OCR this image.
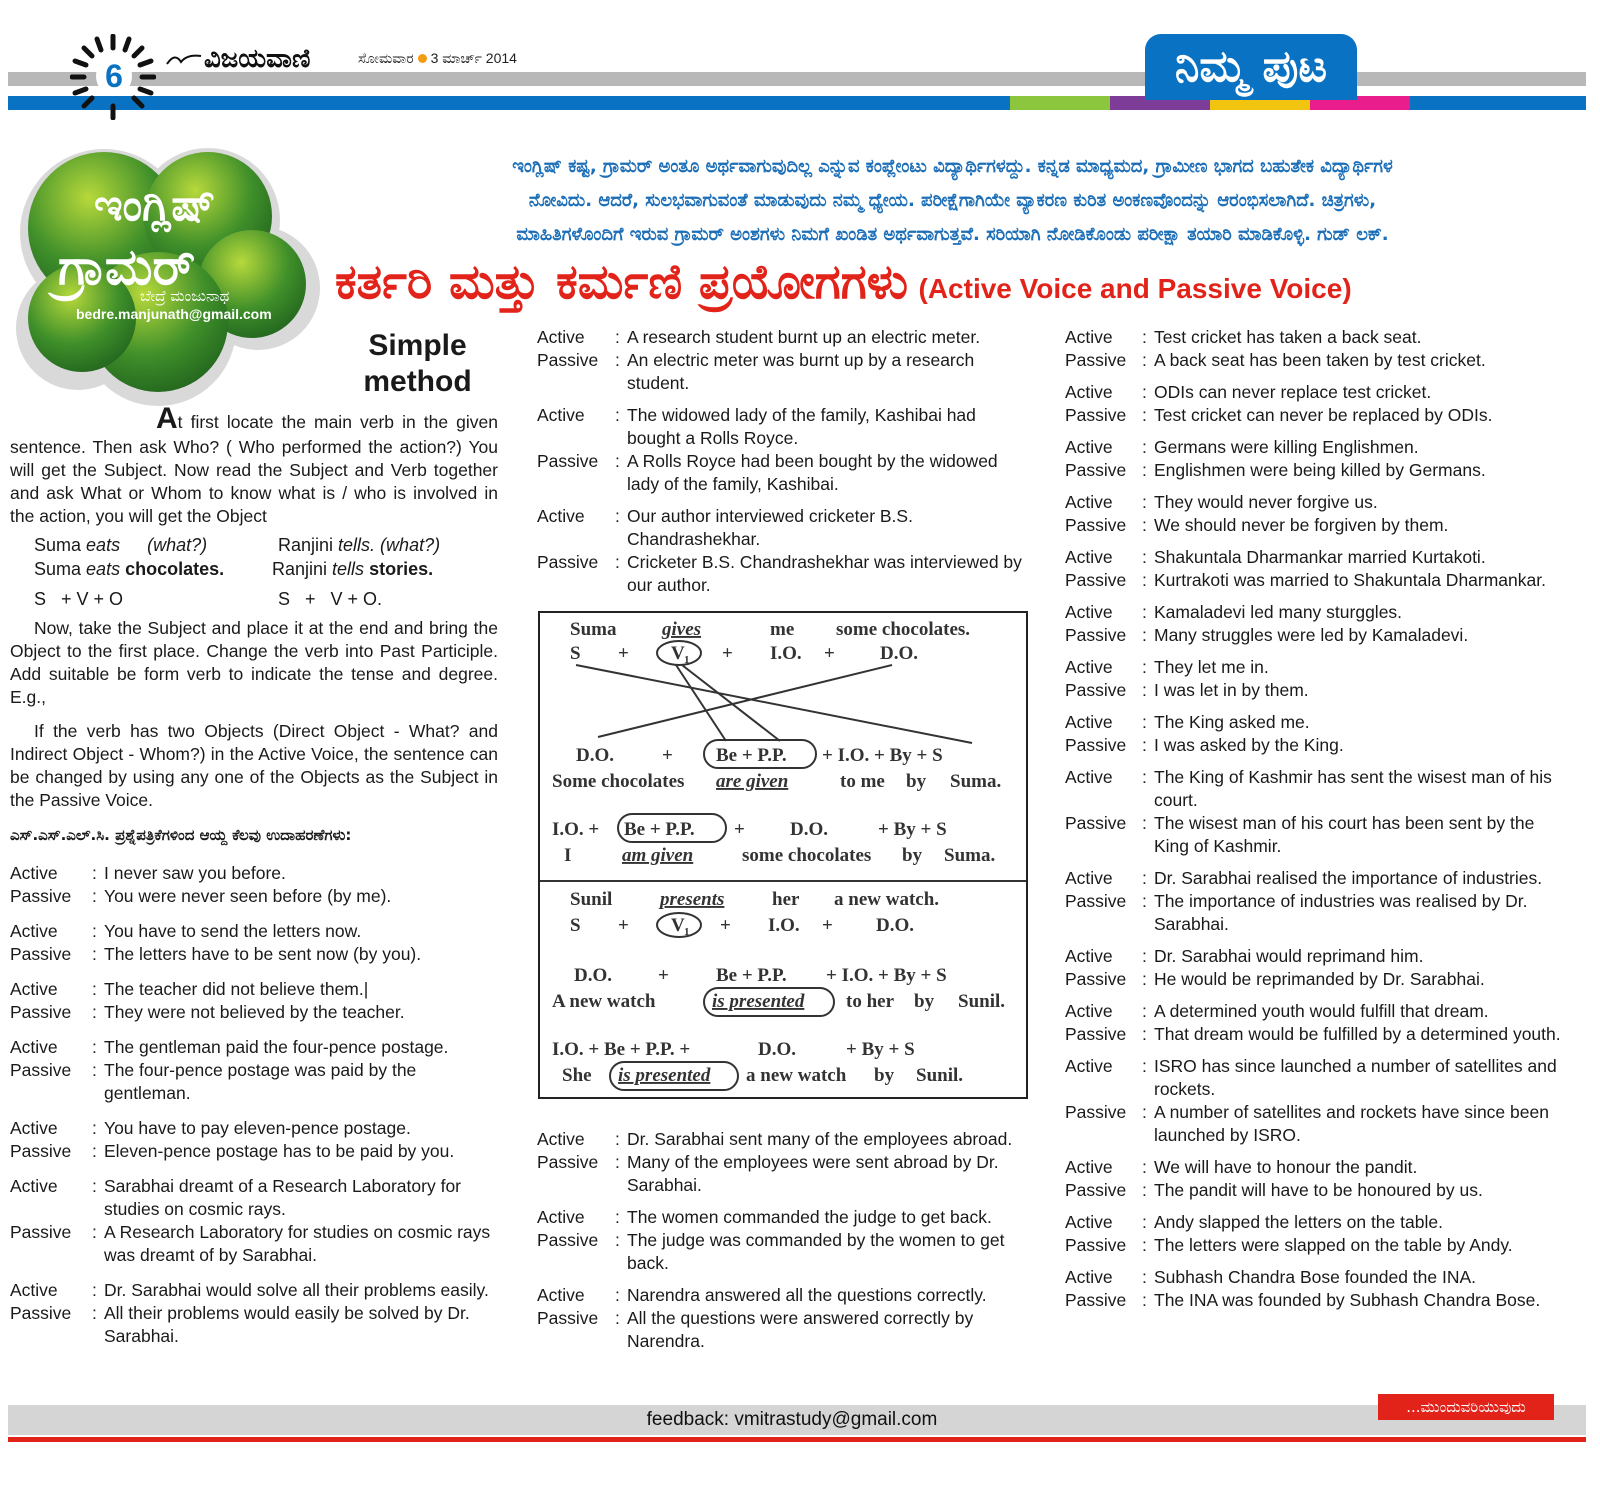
6	ವಿಜಯವಾಣಿ	ಸೋಮವಾರ 3 ಮಾರ್ಚ್ 2014	ನಿಮ್ಮ ಪುಟ
ಇಂಗ್ಲಿಷ್
ಗ್ರಾಮರ್
ಬೇದ್ರೆ ಮಂಜುನಾಥ
bedre.manjunath@gmail.com
ಇಂಗ್ಲಿಷ್ ಕಷ್ಟ, ಗ್ರಾಮರ್ ಅಂತೂ ಅರ್ಥವಾಗುವುದಿಲ್ಲ ಎನ್ನುವ ಕಂಪ್ಲೇಂಟು ವಿದ್ಯಾರ್ಥಿಗಳದ್ದು. ಕನ್ನಡ ಮಾಧ್ಯಮದ, ಗ್ರಾಮೀಣ ಭಾಗದ ಬಹುತೇಕ ವಿದ್ಯಾರ್ಥಿಗಳ
ನೋವಿದು. ಆದರೆ, ಸುಲಭವಾಗುವಂತೆ ಮಾಡುವುದು ನಮ್ಮ ಧ್ಯೇಯ. ಪರೀಕ್ಷೆಗಾಗಿಯೇ ವ್ಯಾಕರಣ ಕುರಿತ ಅಂಕಣವೊಂದನ್ನು ಆರಂಭಿಸಲಾಗಿದೆ. ಚಿತ್ರಗಳು,
ಮಾಹಿತಿಗಳೊಂದಿಗೆ ಇರುವ ಗ್ರಾಮರ್ ಅಂಶಗಳು ನಿಮಗೆ ಖಂಡಿತ ಅರ್ಥವಾಗುತ್ತವೆ. ಸರಿಯಾಗಿ ನೋಡಿಕೊಂಡು ಪರೀಕ್ಷಾ ತಯಾರಿ ಮಾಡಿಕೊಳ್ಳಿ. ಗುಡ್ ಲಕ್.
ಕರ್ತರಿ ಮತ್ತು ಕರ್ಮಣಿ ಪ್ರಯೋಗಗಳು (Active Voice and Passive Voice)
Simple
method
At first locate the main verb in the given sentence. Then ask Who? ( Who performed the action?) You will get the Subject. Now read the Subject and Verb together and ask What or Whom to know what is / who is involved in the action, you will get the Object
Suma eats (what?)	Ranjini tells. (what?)
Suma eats chocolates.	Ranjini tells stories.
S   + V + O	S   +   V + O.
Now, take the Subject and place it at the end and bring the Object to the first place. Change the verb into Past Participle. Add suitable be form verb to indicate the tense and degree. E.g.,
If the verb has two Objects (Direct Object - What? and Indirect Object - Whom?) in the Active Voice, the sentence can be changed by using any one of the Objects as the Subject in the Passive Voice.
ಎಸ್.ಎಸ್.ಎಲ್.ಸಿ. ಪ್ರಶ್ನೆಪತ್ರಿಕೆಗಳಿಂದ ಆಯ್ದ ಕೆಲವು ಉದಾಹರಣೆಗಳು:
Active	: I never saw you before.
Passive	: You were never seen before (by me).
Active	: You have to send the letters now.
Passive	: The letters have to be sent now (by you).
Active	: The teacher did not believe them.|
Passive	: They were not believed by the teacher.
Active	: The gentleman paid the four-pence postage.
Passive	: The four-pence postage was paid by the gentleman.
Active	: You have to pay eleven-pence postage.
Passive	: Eleven-pence postage has to be paid by you.
Active	: Sarabhai dreamt of a Research Laboratory for studies on cosmic rays.
Passive	: A Research Laboratory for studies on cosmic rays was dreamt of by Sarabhai.
Active	: Dr. Sarabhai would solve all their problems easily.
Passive	: All their problems would easily be solved by Dr. Sarabhai.
Active	: A research student burnt up an electric meter.
Passive : An electric meter was burnt up by a research student.
Active	: The widowed lady of the family, Kashibai had bought a Rolls Royce.
Passive : A Rolls Royce had been bought by the widowed lady of the family, Kashibai.
Active	: Our author interviewed cricketer B.S. Chandrashekhar.
Passive : Cricketer B.S. Chandrashekhar was interviewed by our author.
Suma gives	me some chocolates.
S + V 1 + I.O. + D.O.
D.O.	+ Be + P.P. + I.O. + By + S
Some chocolates are given	to me by Suma.
I.O. + Be + P.P. + D.O.	+ By + S
I	am given	some chocolates by Suma.
Sunil	presents	her a new watch.
S + V 1 + I.O. + D.O.
D.O. + Be + P.P. + I.O. + By + S
A new watch	is presented to her by Sunil.
I.O. + Be + P.P. +	D.O.	+ By + S
She is presented a new watch by Sunil.
Active	: Dr. Sarabhai sent many of the employees abroad.
Passive : Many of the employees were sent abroad by Dr. Sarabhai.
Active	: The women commanded the judge to get back.
Passive : The judge was commanded by the women to get back.
Active	: Narendra answered all the questions correctly.
Passive : All the questions were answered correctly by Narendra.
Active	: Test cricket has taken a back seat.
Passive : A back seat has been taken by test cricket.
Active	: ODIs can never replace test cricket.
Passive : Test cricket can never be replaced by ODIs.
Active	: Germans were killing Englishmen.
Passive : Englishmen were being killed by Germans.
Active	: They would never forgive us.
Passive : We should never be forgiven by them.
Active	: Shakuntala Dharmankar married Kurtakoti.
Passive : Kurtrakoti was married to Shakuntala Dharmankar.
Active	: Kamaladevi led many sturggles.
Passive : Many struggles were led by Kamaladevi.
Active	: They let me in.
Passive : I was let in by them.
Active	: The King asked me.
Passive : I was asked by the King.
Active	: The King of Kashmir has sent the wisest man of his court.
Passive : The wisest man of his court has been sent by the King of Kashmir.
Active	: Dr. Sarabhai realised the importance of industries.
Passive : The importance of industries was realised by Dr. Sarabhai.
Active	: Dr. Sarabhai would reprimand him.
Passive : He would be reprimanded by Dr. Sarabhai.
Active	: A determined youth would fulfill that dream.
Passive : That dream would be fulfilled by a determined youth.
Active	: ISRO has since launched a number of satellites and rockets.
Passive : A number of satellites and rockets have since been launched by ISRO.
Active	: We will have to honour the pandit.
Passive : The pandit will have to be honoured by us.
Active	: Andy slapped the letters on the table.
Passive : The letters were slapped on the table by Andy.
Active	: Subhash Chandra Bose founded the INA.
Passive : The INA was founded by Subhash Chandra Bose.
feedback: vmitrastudy@gmail.com
...ಮುಂದುವರಿಯುವುದು
